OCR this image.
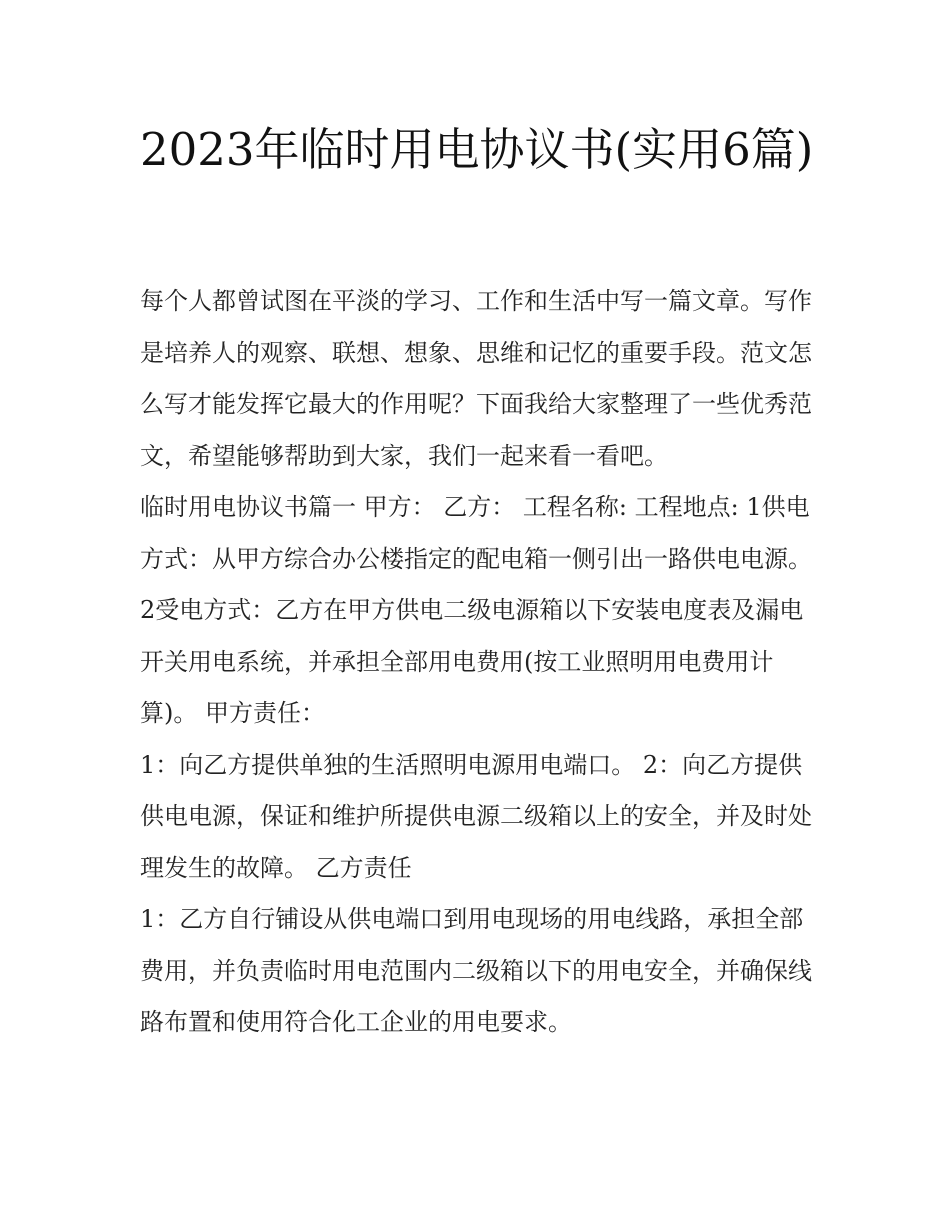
2023年临时用电协议书(实用6篇)

每个人都曾试图在平淡的学习、工作和生活中写一篇文章。写作是培养人的观察、联想、想象、思维和记忆的重要手段。范文怎么写才能发挥它最大的作用呢？下面我给大家整理了一些优秀范文，希望能够帮助到大家，我们一起来看一看吧。

临时用电协议书篇一 甲方： 乙方： 工程名称: 工程地点: 1供电方式：从甲方综合办公楼指定的配电箱一侧引出一路供电电源。

2受电方式：乙方在甲方供电二级电源箱以下安装电度表及漏电开关用电系统，并承担全部用电费用(按工业照明用电费用计算)。 甲方责任：

1：向乙方提供单独的生活照明电源用电端口。 2：向乙方提供供电电源，保证和维护所提供电源二级箱以上的安全，并及时处理发生的故障。 乙方责任

1：乙方自行铺设从供电端口到用电现场的用电线路，承担全部费用，并负责临时用电范围内二级箱以下的用电安全，并确保线路布置和使用符合化工企业的用电要求。
